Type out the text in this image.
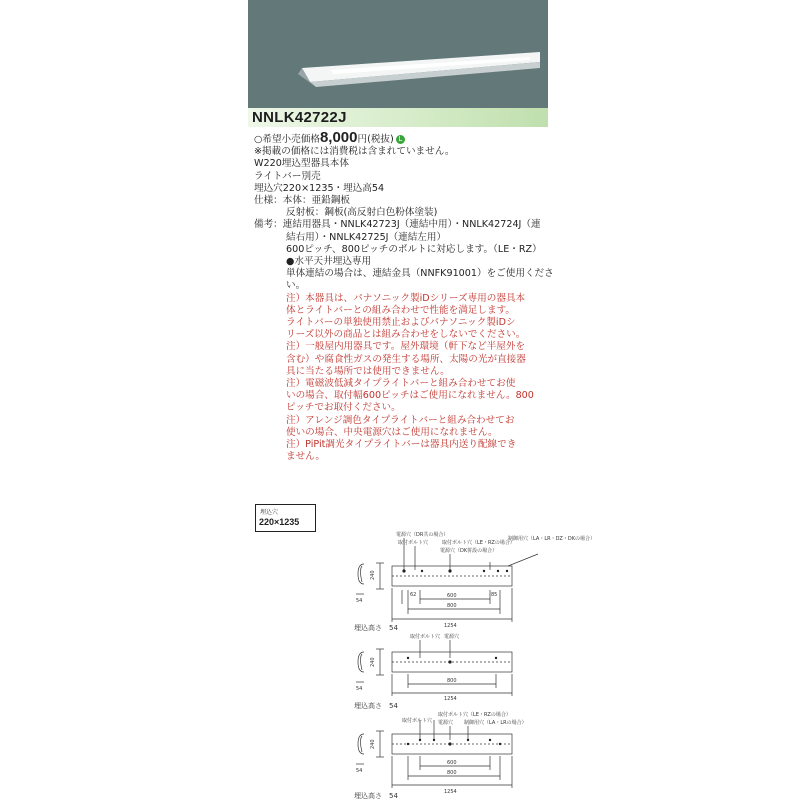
NNLK42722J
○希望小売価格8,000円(税抜) L
※掲載の価格には消費税は含まれていません。
W220埋込型器具本体
ライトバー別売
埋込穴220×1235・埋込高54
仕様：本体：亜鉛鋼板
反射板：鋼板(高反射白色粉体塗装)
備考：連結用器具・NNLK42723J（連結中用）・NNLK42724J（連
結右用）・NNLK42725J（連結左用）
600ピッチ、800ピッチのボルトに対応します。（LE・RZ）
●水平天井埋込専用
単体連結の場合は、連結金具（NNFK91001）をご使用くださ
い。
注）本器具は、パナソニック製iDシリーズ専用の器具本
体とライトバーとの組み合わせで性能を満足します。
ライトバーの単独使用禁止およびパナソニック製iDシ
リーズ以外の商品とは組み合わせをしないでください。
注）一般屋内用器具です。屋外環境（軒下など半屋外を
含む）や腐食性ガスの発生する場所、太陽の光が直接器
具に当たる場所では使用できません。
注）電磁波低減タイプライトバーと組み合わせてお使
いの場合、取付幅600ピッチはご使用になれません。800
ピッチでお取付ください。
注）アレンジ調色タイプライトバーと組み合わせてお
使いの場合、中央電源穴はご使用になれません。
注）PiPit調光タイプライトバーは器具内送り配線でき
ません。
埋込穴
220×1235
電源穴（DR共の場合）
取付ボルト穴（LE・RZの場合）
取付ボルト穴
電源穴（DK併設の場合）
制御用穴（LA・LR・DZ・DKの場合）
240
600
800
1254
62	85
54
埋込高さ　54
取付ボルト穴 電源穴
240
800
1254
54
埋込高さ　54
取付ボルト穴（LE・RZの場合）
取付ボルト穴 電源穴 制御用穴（LA・LRの場合）
240
600
800
1254
54
埋込高さ　54
